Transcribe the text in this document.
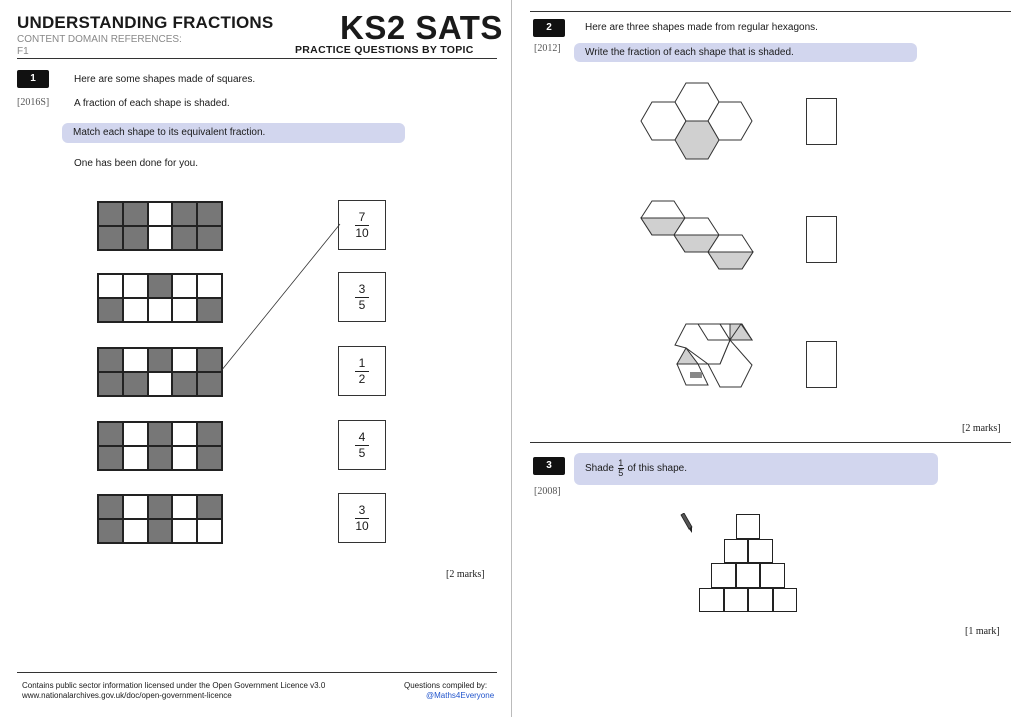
UNDERSTANDING FRACTIONS
CONTENT DOMAIN REFERENCES:
F1
KS2 SATS
PRACTICE QUESTIONS BY TOPIC
1
[2016S]
Here are some shapes made of squares.
A fraction of each shape is shaded.
Match each shape to its equivalent fraction.
One has been done for you.
7
10
3
5
1
2
4
5
3
10
[2 marks]
Contains public sector information licensed under the Open Government Licence v3.0
www.nationalarchives.gov.uk/doc/open-government-licence
Questions compiled by:
@Maths4Everyone
2
[2012]
Here are three shapes made from regular hexagons.
Write the fraction of each shape that is shaded.
[2 marks]
3
[2008]
Shade $\frac{1}{5}$ of this shape.
[1 mark]
